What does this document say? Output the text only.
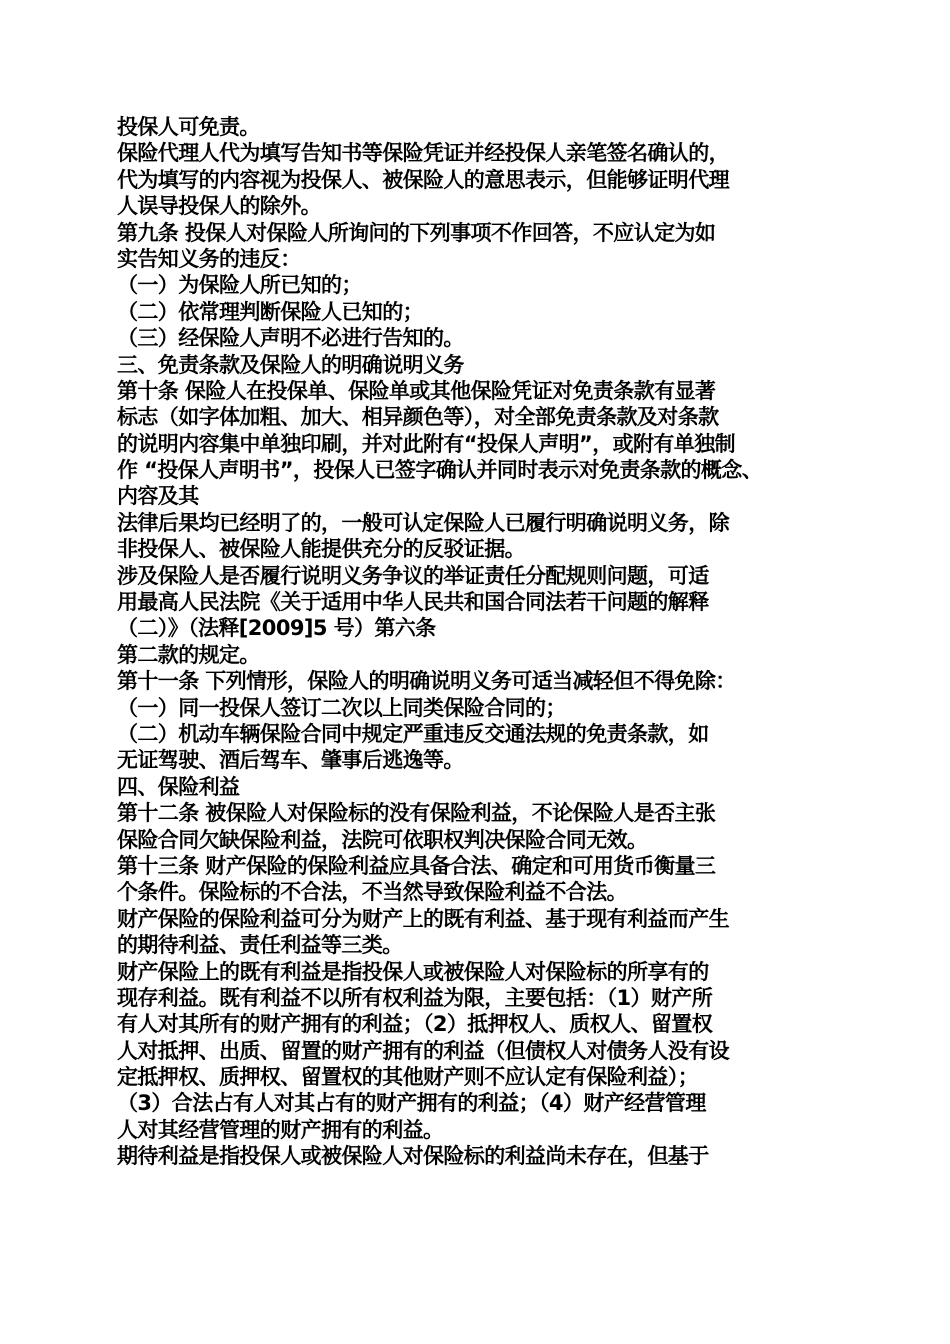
投保人可免责。
保险代理人代为填写告知书等保险凭证并经投保人亲笔签名确认的，
代为填写的内容视为投保人、被保险人的意思表示，但能够证明代理
人误导投保人的除外。
第九条 投保人对保险人所询问的下列事项不作回答，不应认定为如
实告知义务的违反：
（一）为保险人所已知的；
（二）依常理判断保险人已知的；
（三）经保险人声明不必进行告知的。
三、免责条款及保险人的明确说明义务
第十条 保险人在投保单、保险单或其他保险凭证对免责条款有显著
标志（如字体加粗、加大、相异颜色等），对全部免责条款及对条款
的说明内容集中单独印刷，并对此附有“投保人声明”，或附有单独制
作 “投保人声明书”，投保人已签字确认并同时表示对免责条款的概念、
内容及其
法律后果均已经明了的，一般可认定保险人已履行明确说明义务，除
非投保人、被保险人能提供充分的反驳证据。
涉及保险人是否履行说明义务争议的举证责任分配规则问题，可适
用最高人民法院《关于适用中华人民共和国合同法若干问题的解释
（二）》（法释[2009]5 号）第六条
第二款的规定。
第十一条 下列情形，保险人的明确说明义务可适当减轻但不得免除：
（一）同一投保人签订二次以上同类保险合同的；
（二）机动车辆保险合同中规定严重违反交通法规的免责条款，如
无证驾驶、酒后驾车、肇事后逃逸等。
四、保险利益
第十二条 被保险人对保险标的没有保险利益，不论保险人是否主张
保险合同欠缺保险利益，法院可依职权判决保险合同无效。
第十三条 财产保险的保险利益应具备合法、确定和可用货币衡量三
个条件。保险标的不合法，不当然导致保险利益不合法。
财产保险的保险利益可分为财产上的既有利益、基于现有利益而产生
的期待利益、责任利益等三类。
财产保险上的既有利益是指投保人或被保险人对保险标的所享有的
现存利益。既有利益不以所有权利益为限，主要包括：（1）财产所
有人对其所有的财产拥有的利益；（2）抵押权人、质权人、留置权
人对抵押、出质、留置的财产拥有的利益（但债权人对债务人没有设
定抵押权、质押权、留置权的其他财产则不应认定有保险利益）；
（3）合法占有人对其占有的财产拥有的利益；（4）财产经营管理
人对其经营管理的财产拥有的利益。
期待利益是指投保人或被保险人对保险标的利益尚未存在，但基于
